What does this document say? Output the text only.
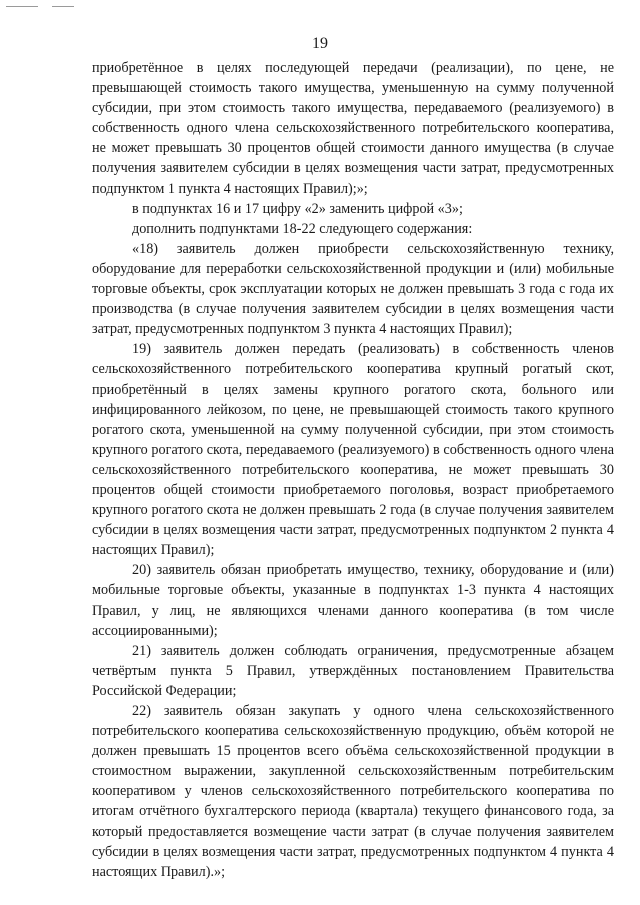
19

приобретённое в целях последующей передачи (реализации), по цене, не превышающей стоимость такого имущества, уменьшенную на сумму полученной субсидии, при этом стоимость такого имущества, передаваемого (реализуемого) в собственность одного члена сельскохозяйственного потребительского кооператива, не может превышать 30 процентов общей стоимости данного имущества (в случае получения заявителем субсидии в целях возмещения части затрат, предусмотренных подпунктом 1 пункта 4 настоящих Правил);»;

в подпунктах 16 и 17 цифру «2» заменить цифрой «3»;

дополнить подпунктами 18-22 следующего содержания:

«18) заявитель должен приобрести сельскохозяйственную технику, оборудование для переработки сельскохозяйственной продукции и (или) мобильные торговые объекты, срок эксплуатации которых не должен превышать 3 года с года их производства (в случае получения заявителем субсидии в целях возмещения части затрат, предусмотренных подпунктом 3 пункта 4 настоящих Правил);

19) заявитель должен передать (реализовать) в собственность членов сельскохозяйственного потребительского кооператива крупный рогатый скот, приобретённый в целях замены крупного рогатого скота, больного или инфицированного лейкозом, по цене, не превышающей стоимость такого крупного рогатого скота, уменьшенной на сумму полученной субсидии, при этом стоимость крупного рогатого скота, передаваемого (реализуемого) в собственность одного члена сельскохозяйственного потребительского кооператива, не может превышать 30 процентов общей стоимости приобретаемого поголовья, возраст приобретаемого крупного рогатого скота не должен превышать 2 года (в случае получения заявителем субсидии в целях возмещения части затрат, предусмотренных подпунктом 2 пункта 4 настоящих Правил);

20) заявитель обязан приобретать имущество, технику, оборудование и (или) мобильные торговые объекты, указанные в подпунктах 1-3 пункта 4 настоящих Правил, у лиц, не являющихся членами данного кооператива (в том числе ассоциированными);

21) заявитель должен соблюдать ограничения, предусмотренные абзацем четвёртым пункта 5 Правил, утверждённых постановлением Правительства Российской Федерации;

22) заявитель обязан закупать у одного члена сельскохозяйственного потребительского кооператива сельскохозяйственную продукцию, объём которой не должен превышать 15 процентов всего объёма сельскохозяйственной продукции в стоимостном выражении, закупленной сельскохозяйственным потребительским кооперативом у членов сельскохозяйственного потребительского кооператива по итогам отчётного бухгалтерского периода (квартала) текущего финансового года, за который предоставляется возмещение части затрат (в случае получения заявителем субсидии в целях возмещения части затрат, предусмотренных подпунктом 4 пункта 4 настоящих Правил).»;
